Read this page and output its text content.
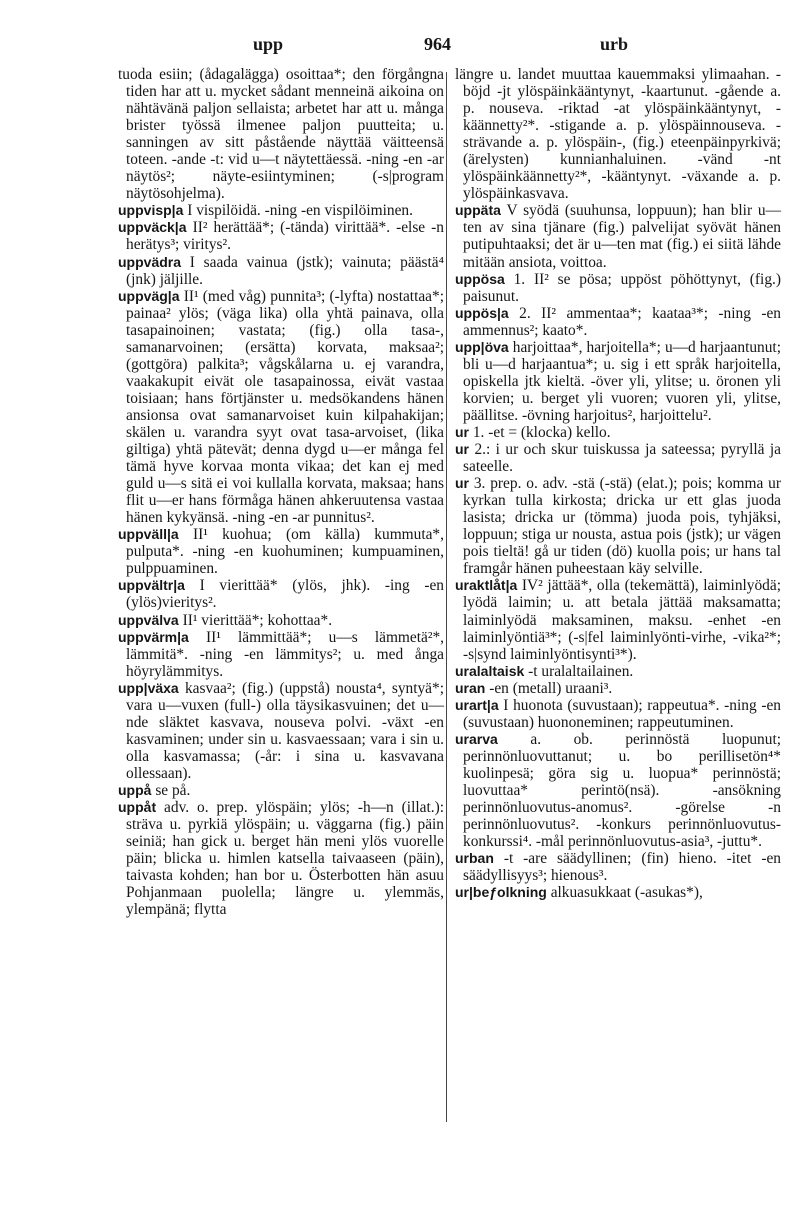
upp	964	urb

tuoda esiin; (ådagalägga) osoittaa*; den förgångna tiden har att u. mycket sådant menneinä aikoina on nähtävänä paljon sellaista; arbetet har att u. många brister työssä ilmenee paljon puutteita; u. sanningen av sitt påstående näyttää väitteensä toteen. -ande -t: vid u—t näytettäessä. -ning -en -ar näytös²; näyte-esiintyminen; (-s|program näytösohjelma).

uppvisp|a I vispilöidä. -ning -en vispilöiminen.

uppväck|a II² herättää*; (-tända) virittää*. -else -n herätys³; viritys².

uppvädra I saada vainua (jstk); vainuta; päästä⁴ (jnk) jäljille.

uppväg|a II¹ (med våg) punnita³; (-lyfta) nostattaa*; painaa² ylös; (väga lika) olla yhtä painava, olla tasapainoinen; vastata; (fig.) olla tasa-, samanarvoinen; (ersätta) korvata, maksaa²; (gottgöra) palkita³; vågskålarna u. ej varandra, vaakakupit eivät ole tasapainossa, eivät vastaa toisiaan; hans förtjänster u. medsökandens hänen ansionsa ovat samanarvoiset kuin kilpahakijan; skälen u. varandra syyt ovat tasa-arvoiset, (lika giltiga) yhtä pätevät; denna dygd u—er många fel tämä hyve korvaa monta vikaa; det kan ej med guld u—s sitä ei voi kullalla korvata, maksaa; hans flit u—er hans förmåga hänen ahkeruutensa vastaa hänen kykyänsä. -ning -en -ar punnitus².

uppväll|a II¹ kuohua; (om källa) kummuta*, pulputa*. -ning -en kuohuminen; kumpuaminen, pulppuaminen.

uppvältr|a I vierittää* (ylös, jhk). -ing -en (ylös)vieritys².

uppvälva II¹ vierittää*; kohottaa*.

uppvärm|a II¹ lämmittää*; u—s lämmetä²*, lämmitä*. -ning -en lämmitys²; u. med ånga höyrylämmitys.

upp|växa kasvaa²; (fig.) (uppstå) nousta⁴, syntyä*; vara u—vuxen (full-) olla täysikasvuinen; det u—nde släktet kasvava, nouseva polvi. -växt -en kasvaminen; under sin u. kasvaessaan; vara i sin u. olla kasvamassa; (-år: i sina u. kasvavana ollessaan).

uppå se på.

uppåt adv. o. prep. ylöspäin; ylös; -h—n (illat.): sträva u. pyrkiä ylöspäin; u. väggarna (fig.) päin seiniä; han gick u. berget hän meni ylös vuorelle päin; blicka u. himlen katsella taivaaseen (päin), taivasta kohden; han bor u. Österbotten hän asuu Pohjanmaan puolella; längre u. ylemmäs, ylempänä; flytta

längre u. landet muuttaa kauemmaksi ylimaahan. -böjd -jt ylöspäinkääntynyt, -kaartunut. -gående a. p. nouseva. -riktad -at ylöspäinkääntynyt, -käännetty²*. -stigande a. p. ylöspäinnouseva. -strävande a. p. ylöspäin-, (fig.) eteenpäinpyrkivä; (ärelysten) kunnianhaluinen. -vänd -nt ylöspäinkäännetty²*, -kääntynyt. -växande a. p. ylöspäinkasvava.

uppäta V syödä (suuhunsa, loppuun); han blir u—ten av sina tjänare (fig.) palvelijat syövät hänen putipuhtaaksi; det är u—ten mat (fig.) ei siitä lähde mitään ansiota, voittoa.

uppösa 1. II² se pösa; uppöst pöhöttynyt, (fig.) paisunut.

uppös|a 2. II² ammentaa*; kaataa³*; -ning -en ammennus²; kaato*.

upp|öva harjoittaa*, harjoitella*; u—d harjaantunut; bli u—d harjaantua*; u. sig i ett språk harjoitella, opiskella jtk kieltä. -över yli, ylitse; u. öronen yli korvien; u. berget yli vuoren; vuoren yli, ylitse, päällitse. -övning harjoitus², harjoittelu².

ur 1. -et = (klocka) kello.

ur 2.: i ur och skur tuiskussa ja sateessa; pyryllä ja sateelle.

ur 3. prep. o. adv. -stä (-stä) (elat.); pois; komma ur kyrkan tulla kirkosta; dricka ur ett glas juoda lasista; dricka ur (tömma) juoda pois, tyhjäksi, loppuun; stiga ur nousta, astua pois (jstk); ur vägen pois tieltä! gå ur tiden (dö) kuolla pois; ur hans tal framgår hänen puheestaan käy selville.

uraktlåt|a IV² jättää*, olla (tekemättä), laiminlyödä; lyödä laimin; u. att betala jättää maksamatta; laiminlyödä maksaminen, maksu. -enhet -en laiminlyöntiä³*; (-s|fel laiminlyönti-virhe, -vika²*; -s|synd laiminlyöntisynti³*).

uralaltaisk -t uralaltailainen.

uran -en (metall) uraani³.

urart|a I huonota (suvustaan); rappeutua*. -ning -en (suvustaan) huononeminen; rappeutuminen.

urarva a. ob. perinnöstä luopunut; perinnönluovuttanut; u. bo perillisetön⁴* kuolinpesä; göra sig u. luopua* perinnöstä; luovuttaa* perintö(nsä). -ansökning perinnönluovutus-anomus². -görelse -n perinnönluovutus². -konkurs perinnönluovutus-konkurssi⁴. -mål perinnönluovutus-asia³, -juttu*.

urban -t -are säädyllinen; (fin) hieno. -itet -en säädyllisyys³; hienous³.

ur|beƒolkning alkuasukkaat (-asukas*),
